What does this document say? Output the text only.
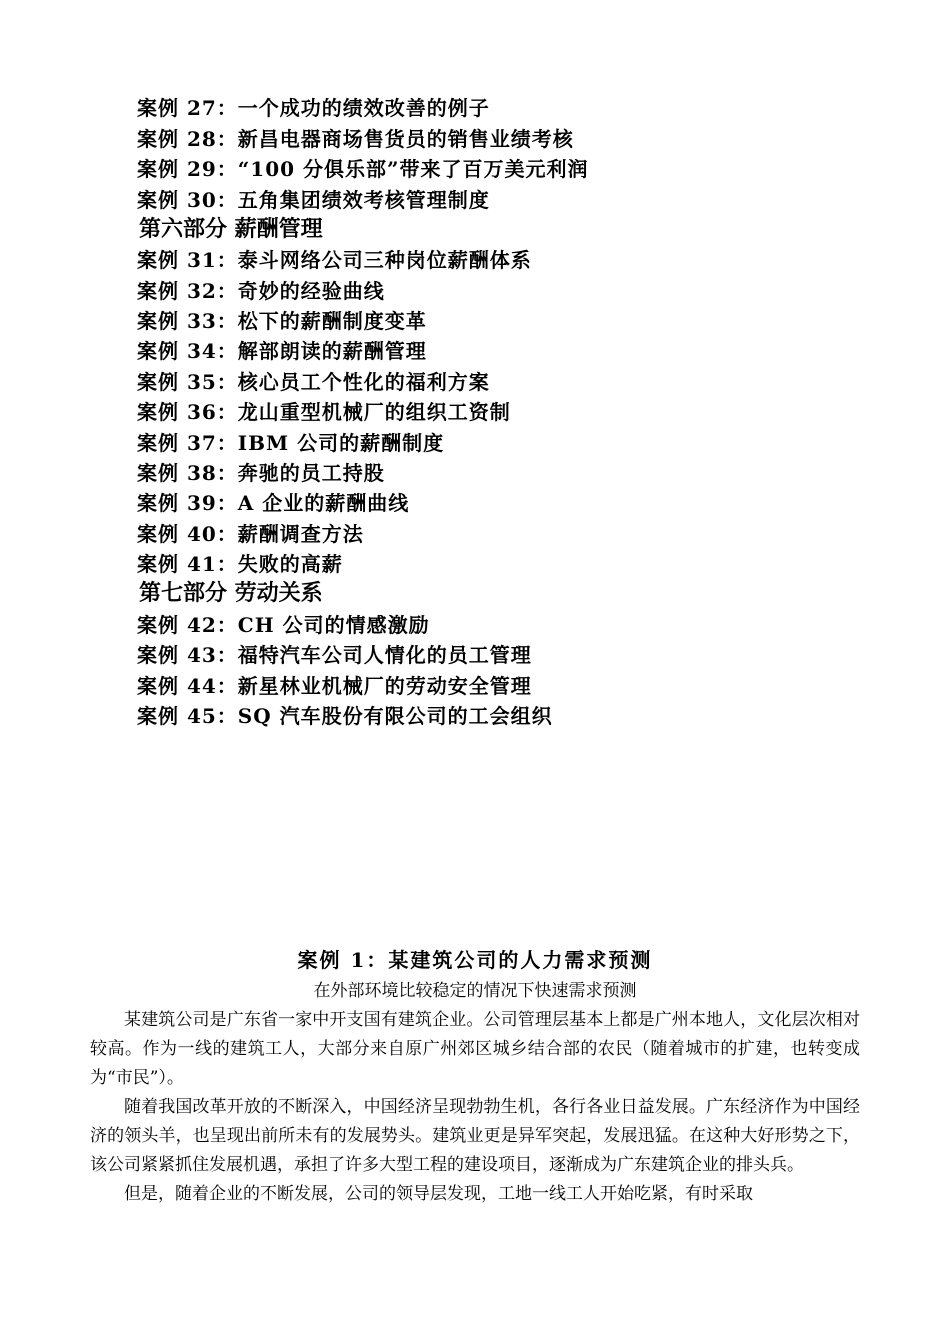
案例 27：一个成功的绩效改善的例子
案例 28：新昌电器商场售货员的销售业绩考核
案例 29：“100 分俱乐部”带来了百万美元利润
案例 30：五角集团绩效考核管理制度
第六部分 薪酬管理
案例 31：泰斗网络公司三种岗位薪酬体系
案例 32：奇妙的经验曲线
案例 33：松下的薪酬制度变革
案例 34：解部朗读的薪酬管理
案例 35：核心员工个性化的福利方案
案例 36：龙山重型机械厂的组织工资制
案例 37：IBM 公司的薪酬制度
案例 38：奔驰的员工持股
案例 39：A 企业的薪酬曲线
案例 40：薪酬调查方法
案例 41：失败的高薪
第七部分 劳动关系
案例 42：CH 公司的情感激励
案例 43：福特汽车公司人情化的员工管理
案例 44：新星林业机械厂的劳动安全管理
案例 45：SQ 汽车股份有限公司的工会组织
案例 1：某建筑公司的人力需求预测
在外部环境比较稳定的情况下快速需求预测

某建筑公司是广东省一家中开支国有建筑企业。公司管理层基本上都是广州本地人，文化层次相对较高。作为一线的建筑工人，大部分来自原广州郊区城乡结合部的农民（随着城市的扩建，也转变成为“市民”）。

随着我国改革开放的不断深入，中国经济呈现勃勃生机，各行各业日益发展。广东经济作为中国经济的领头羊，也呈现出前所未有的发展势头。建筑业更是异军突起，发展迅猛。在这种大好形势之下，该公司紧紧抓住发展机遇，承担了许多大型工程的建设项目，逐渐成为广东建筑企业的排头兵。

但是，随着企业的不断发展，公司的领导层发现，工地一线工人开始吃紧，有时采取
